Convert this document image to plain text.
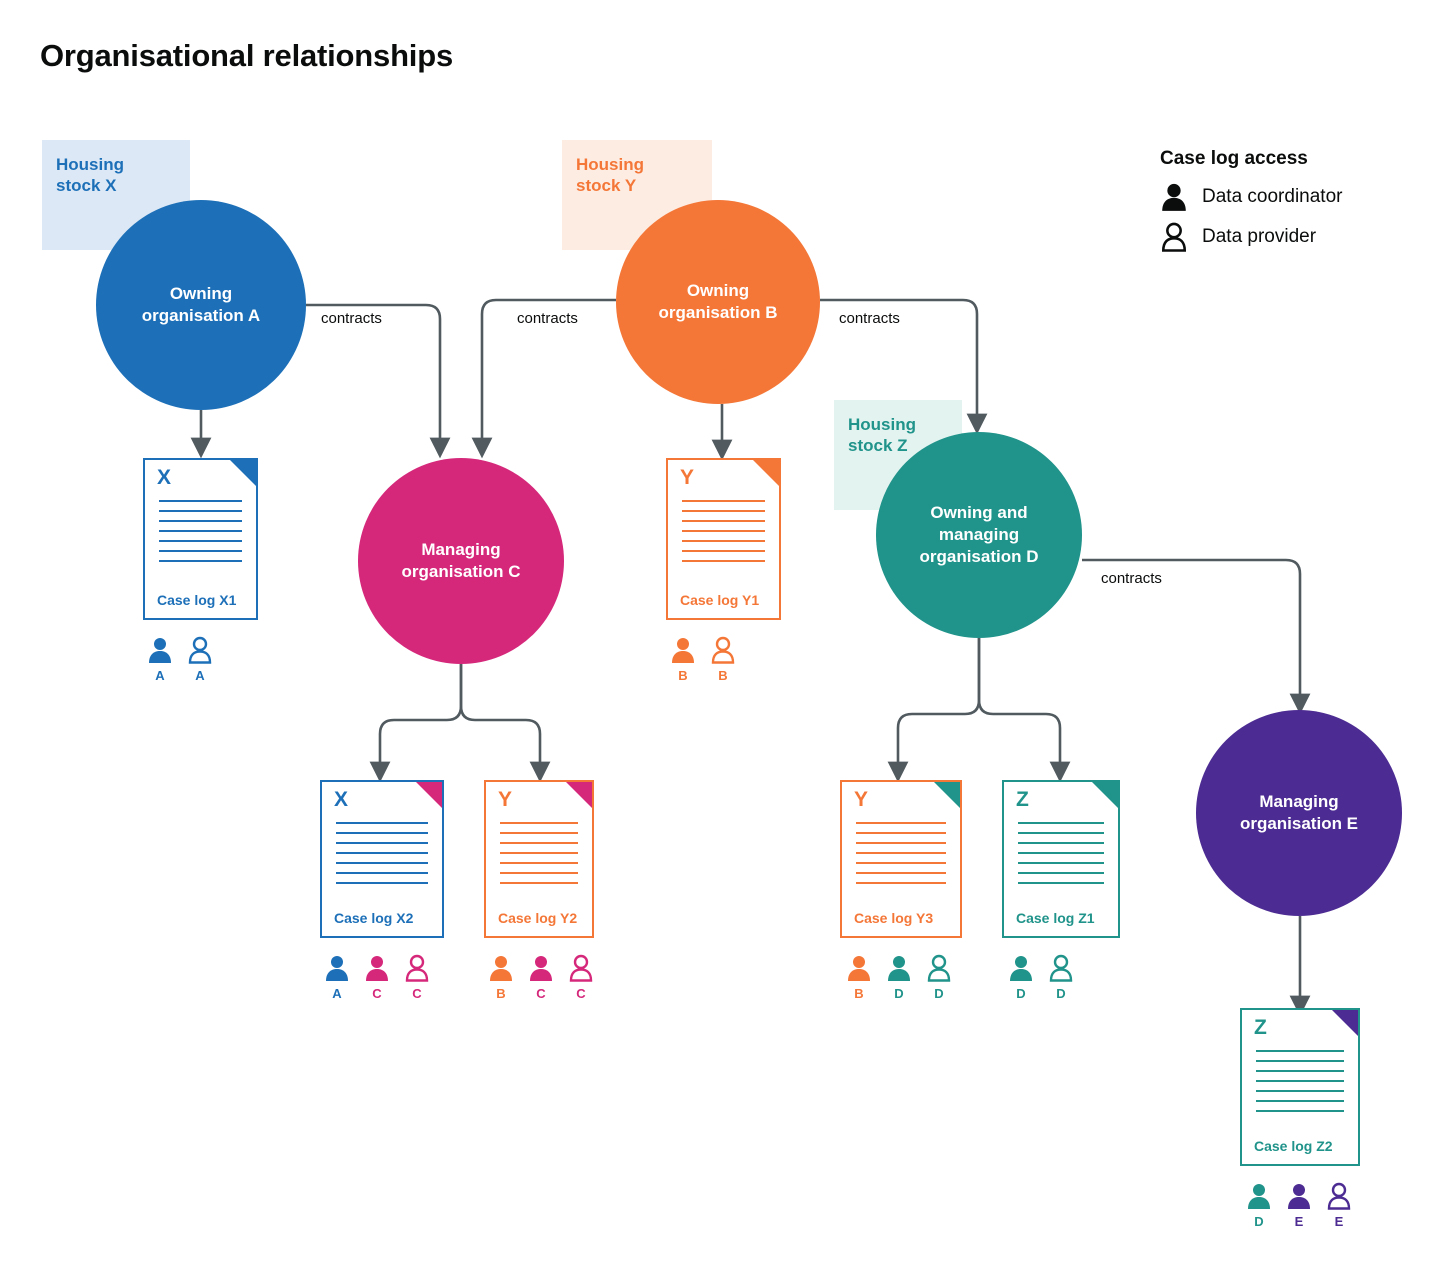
Organisational relationships
Housing
stock X
Housing
stock Y
Housing
stock Z
Owning
organisation A
Owning
organisation B
Managing
organisation C
Owning and
managing
organisation D
Managing
organisation E
contracts	contracts	contracts
contracts
X
Case log X1
A A
Y
Case log Y1
B B
X
Case log X2
A C C
Y
Case log Y2
B C C
Y
Case log Y3
B D D
Z
Case log Z1
D D
Z
Case log Z2
D E E
Case log access
Data coordinator
Data provider
